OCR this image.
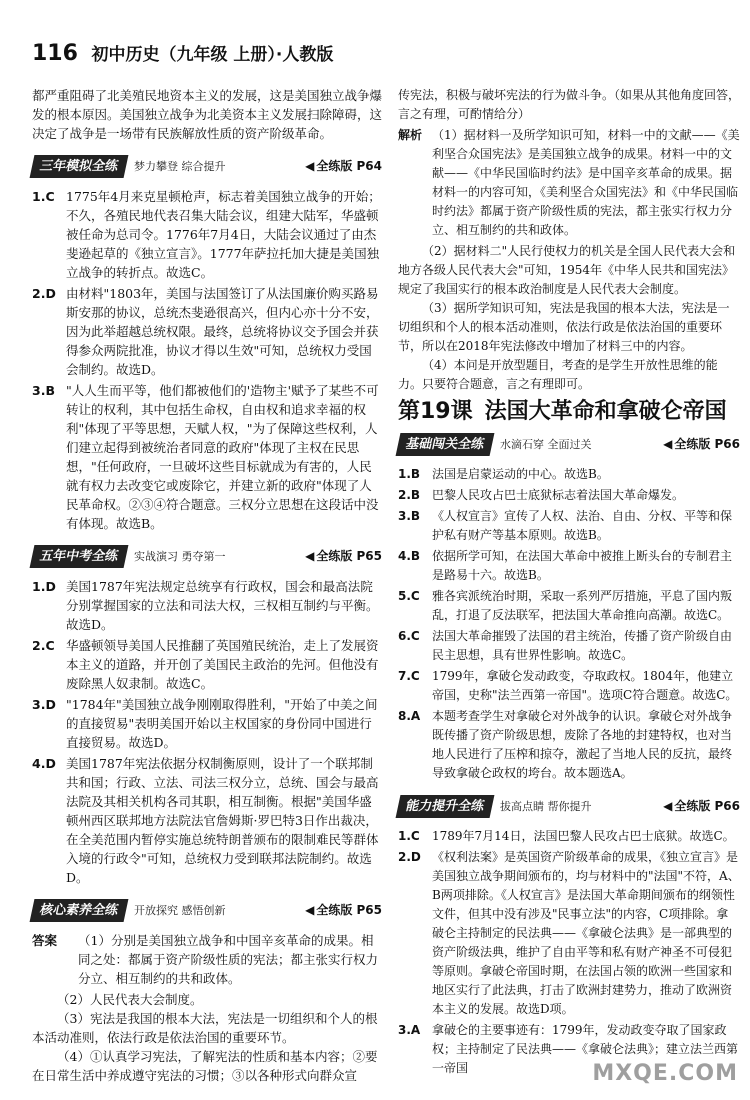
116 初中历史（九年级 上册）·人教版

都严重阻碍了北美殖民地资本主义的发展，这是美国独立战争爆发的根本原因。美国独立战争为北美资本主义发展扫除障碍，这决定了战争是一场带有民族解放性质的资产阶级革命。

三年模拟全练	梦力攀登 综合提升	◀ 全练版 P64
1.C 1775年4月来克星顿枪声，标志着美国独立战争的开始；不久，各殖民地代表召集大陆会议，组建大陆军，华盛顿被任命为总司令。1776年7月4日，大陆会议通过了由杰斐逊起草的《独立宣言》。1777年萨拉托加大捷是美国独立战争的转折点。故选C。
2.D 由材料"1803年，美国与法国签订了从法国廉价购买路易斯安那的协议，总统杰斐逊很高兴，但内心亦十分不安，因为此举超越总统权限。最终，总统将协议交予国会并获得参众两院批准，协议才得以生效"可知，总统权力受国会制约。故选D。
3.B "人人生而平等，他们都被他们的'造物主'赋予了某些不可转让的权利，其中包括生命权，自由权和追求幸福的权利"体现了平等思想，天赋人权，"为了保障这些权利，人们建立起得到被统治者同意的政府"体现了主权在民思想，"任何政府，一旦破坏这些目标就成为有害的，人民就有权力去改变它或废除它，并建立新的政府"体现了人民革命权。②③④符合题意。三权分立思想在这段话中没有体现。故选B。
五年中考全练	实战演习 勇夺第一	◀ 全练版 P65
1.D 美国1787年宪法规定总统享有行政权，国会和最高法院分别掌握国家的立法和司法大权，三权相互制约与平衡。故选D。
2.C 华盛顿领导美国人民推翻了英国殖民统治，走上了发展资本主义的道路，并开创了美国民主政治的先河。但他没有废除黑人奴隶制。故选C。
3.D "1784年"美国独立战争刚刚取得胜利，"开始了中美之间的直接贸易"表明美国开始以主权国家的身份同中国进行直接贸易。故选D。
4.D 美国1787年宪法依据分权制衡原则，设计了一个联邦制共和国；行政、立法、司法三权分立，总统、国会与最高法院及其相关机构各司其职，相互制衡。根据"美国华盛顿州西区联邦地方法院法官詹姆斯·罗巴特3日作出裁决，在全美范围内暂停实施总统特朗普颁布的限制难民等群体入境的行政令"可知，总统权力受到联邦法院制约。故选D。
核心素养全练	开放探究 感悟创新	◀ 全练版 P65
答案	（1）分别是美国独立战争和中国辛亥革命的成果。相同之处：都属于资产阶级性质的宪法；都主张实行权力分立、相互制约的共和政体。

（2）人民代表大会制度。

（3）宪法是我国的根本大法，宪法是一切组织和个人的根本活动准则，依法行政是依法治国的重要环节。

（4）①认真学习宪法，了解宪法的性质和基本内容；②要在日常生活中养成遵守宪法的习惯；③以各种形式向群众宣

传宪法，积极与破坏宪法的行为做斗争。（如果从其他角度回答，言之有理，可酌情给分）

解析 （1）据材料一及所学知识可知，材料一中的文献——《美利坚合众国宪法》是美国独立战争的成果。材料一中的文献——《中华民国临时约法》是中国辛亥革命的成果。据材料一的内容可知，《美利坚合众国宪法》和《中华民国临时约法》都属于资产阶级性质的宪法，都主张实行权力分立、相互制约的共和政体。

（2）据材料二"人民行使权力的机关是全国人民代表大会和地方各级人民代表大会"可知，1954年《中华人民共和国宪法》规定了我国实行的根本政治制度是人民代表大会制度。

（3）据所学知识可知，宪法是我国的根本大法，宪法是一切组织和个人的根本活动准则，依法行政是依法治国的重要环节，所以在2018年宪法修改中增加了材料三中的内容。

（4）本问是开放型题目，考查的是学生开放性思维的能力。只要符合题意，言之有理即可。

第19课 法国大革命和拿破仑帝国
基础闯关全练	水滴石穿 全面过关	◀ 全练版 P66
1.B 法国是启蒙运动的中心。故选B。
2.B 巴黎人民攻占巴士底狱标志着法国大革命爆发。
3.B 《人权宣言》宣传了人权、法治、自由、分权、平等和保护私有财产等基本原则。故选B。
4.B 依据所学可知，在法国大革命中被推上断头台的专制君主是路易十六。故选B。
5.C	雅各宾派统治时期，采取一系列严厉措施，平息了国内叛乱，打退了反法联军，把法国大革命推向高潮。故选C。
6.C	法国大革命摧毁了法国的君主统治，传播了资产阶级自由民主思想，具有世界性影响。故选C。
7.C	1799年，拿破仑发动政变，夺取政权。1804年，他建立帝国，史称"法兰西第一帝国"。选项C符合题意。故选C。
8.A 本题考查学生对拿破仑对外战争的认识。拿破仑对外战争既传播了资产阶级思想，废除了各地的封建特权，也对当地人民进行了压榨和掠夺，激起了当地人民的反抗，最终导致拿破仑政权的垮台。故本题选A。
能力提升全练	拔高点睛 帮你提升	◀ 全练版 P66
1.C	1789年7月14日，法国巴黎人民攻占巴士底狱。故选C。
2.D 《权利法案》是英国资产阶级革命的成果，《独立宣言》是美国独立战争期间颁布的，均与材料中的"法国"不符，A、B两项排除。《人权宣言》是法国大革命期间颁布的纲领性文件，但其中没有涉及"民事立法"的内容，C项排除。拿破仑主持制定的民法典——《拿破仑法典》是一部典型的资产阶级法典，维护了自由平等和私有财产神圣不可侵犯等原则。拿破仑帝国时期，在法国占领的欧洲一些国家和地区实行了此法典，打击了欧洲封建势力，推动了欧洲资本主义的发展。故选D项。
3.A 拿破仑的主要事迹有：1799年，发动政变夺取了国家政权；主持制定了民法典——《拿破仑法典》；建立法兰西第一帝国	MXQE.COM
